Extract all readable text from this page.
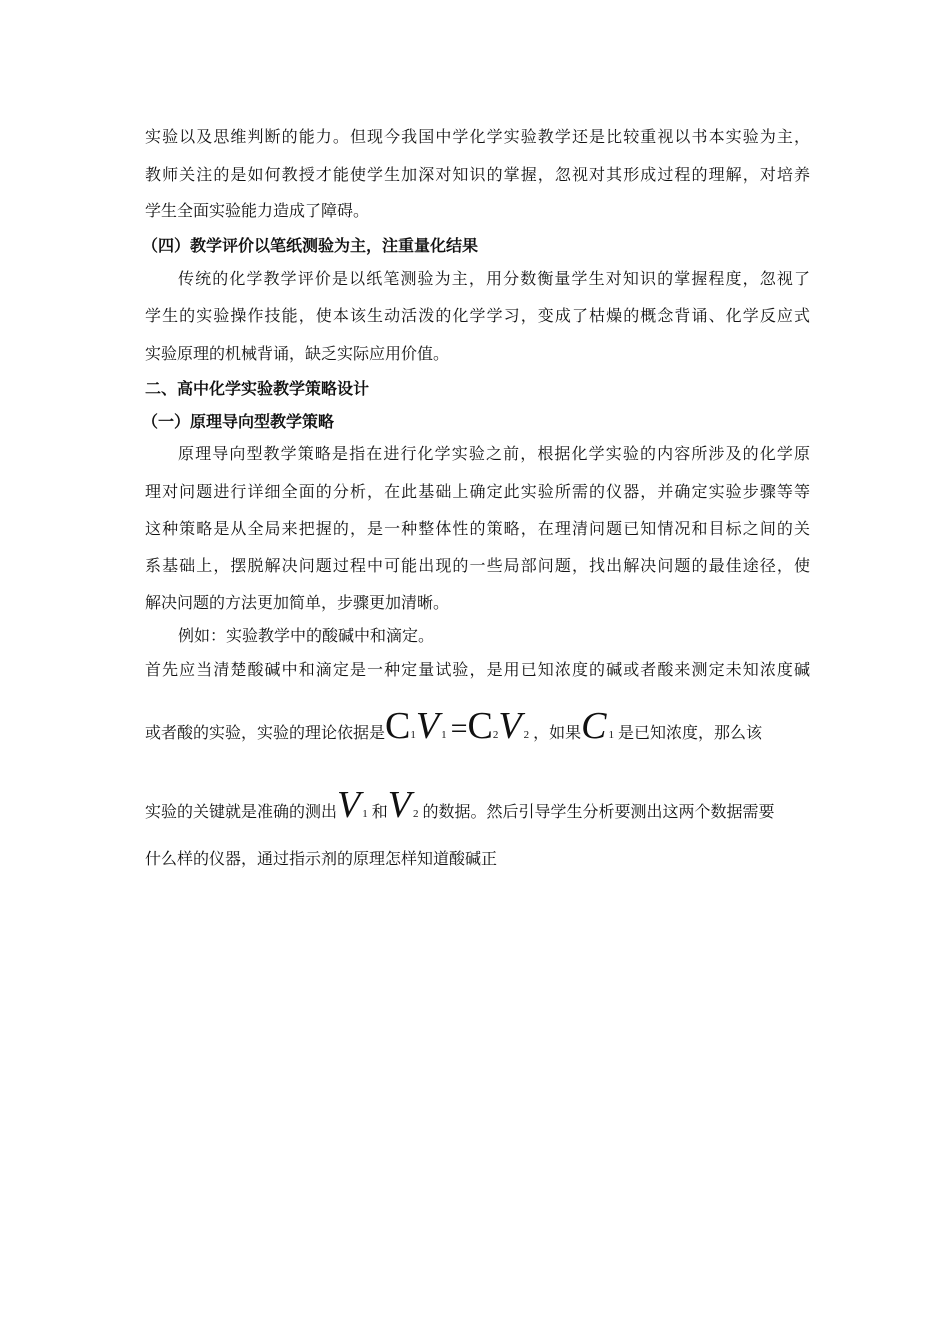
实验以及思维判断的能力。但现今我国中学化学实验教学还是比较重视以书本实验为主，
教师关注的是如何教授才能使学生加深对知识的掌握，忽视对其形成过程的理解，对培养
学生全面实验能力造成了障碍。
（四）教学评价以笔纸测验为主，注重量化结果
传统的化学教学评价是以纸笔测验为主，用分数衡量学生对知识的掌握程度，忽视了
学生的实验操作技能，使本该生动活泼的化学学习，变成了枯燥的概念背诵、化学反应式
实验原理的机械背诵，缺乏实际应用价值。
二、高中化学实验教学策略设计
（一）原理导向型教学策略
原理导向型教学策略是指在进行化学实验之前，根据化学实验的内容所涉及的化学原
理对问题进行详细全面的分析，在此基础上确定此实验所需的仪器，并确定实验步骤等等
这种策略是从全局来把握的，是一种整体性的策略，在理清问题已知情况和目标之间的关
系基础上，摆脱解决问题过程中可能出现的一些局部问题，找出解决问题的最佳途径，使
解决问题的方法更加简单，步骤更加清晰。
例如：实验教学中的酸碱中和滴定。
首先应当清楚酸碱中和滴定是一种定量试验，是用已知浓度的碱或者酸来测定未知浓度碱
或者酸的实验，实验的理论依据是C1V 1 =C2V 2 ，如果C 1 是已知浓度，那么该
实验的关键就是准确的测出V 1 和V 2 的数据。然后引导学生分析要测出这两个数据需要
什么样的仪器，通过指示剂的原理怎样知道酸碱正
